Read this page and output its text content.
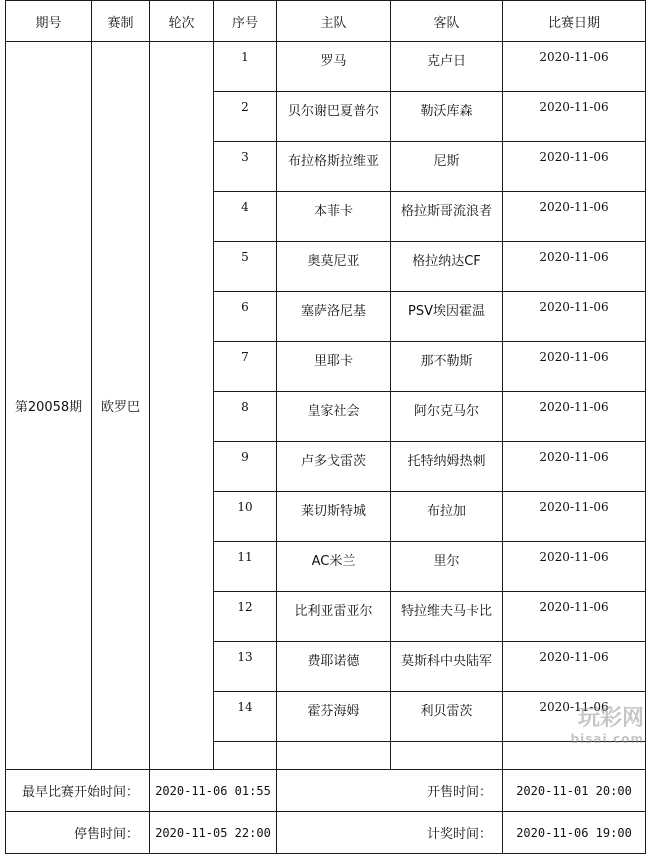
期号	赛制	轮次	序号	主队	客队	比赛日期
第20058期	欧罗巴		1	罗马	克卢日	2020-11-06
			2	贝尔谢巴夏普尔	勒沃库森	2020-11-06
			3	布拉格斯拉维亚	尼斯	2020-11-06
			4	本菲卡	格拉斯哥流浪者	2020-11-06
			5	奥莫尼亚	格拉纳达CF	2020-11-06
			6	塞萨洛尼基	PSV埃因霍温	2020-11-06
			7	里耶卡	那不勒斯	2020-11-06
			8	皇家社会	阿尔克马尔	2020-11-06
			9	卢多戈雷茨	托特纳姆热刺	2020-11-06
			10	莱切斯特城	布拉加	2020-11-06
			11	AC米兰	里尔	2020-11-06
			12	比利亚雷亚尔	特拉维夫马卡比	2020-11-06
			13	费耶诺德	莫斯科中央陆军	2020-11-06
			14	霍芬海姆	利贝雷茨	2020-11-06

最早比赛开始时间：		2020-11-06 01:55		开售时间：		2020-11-01 20:00
停售时间：		2020-11-05 22:00		计奖时间：		2020-11-06 19:00
玩彩网
bisai.com
